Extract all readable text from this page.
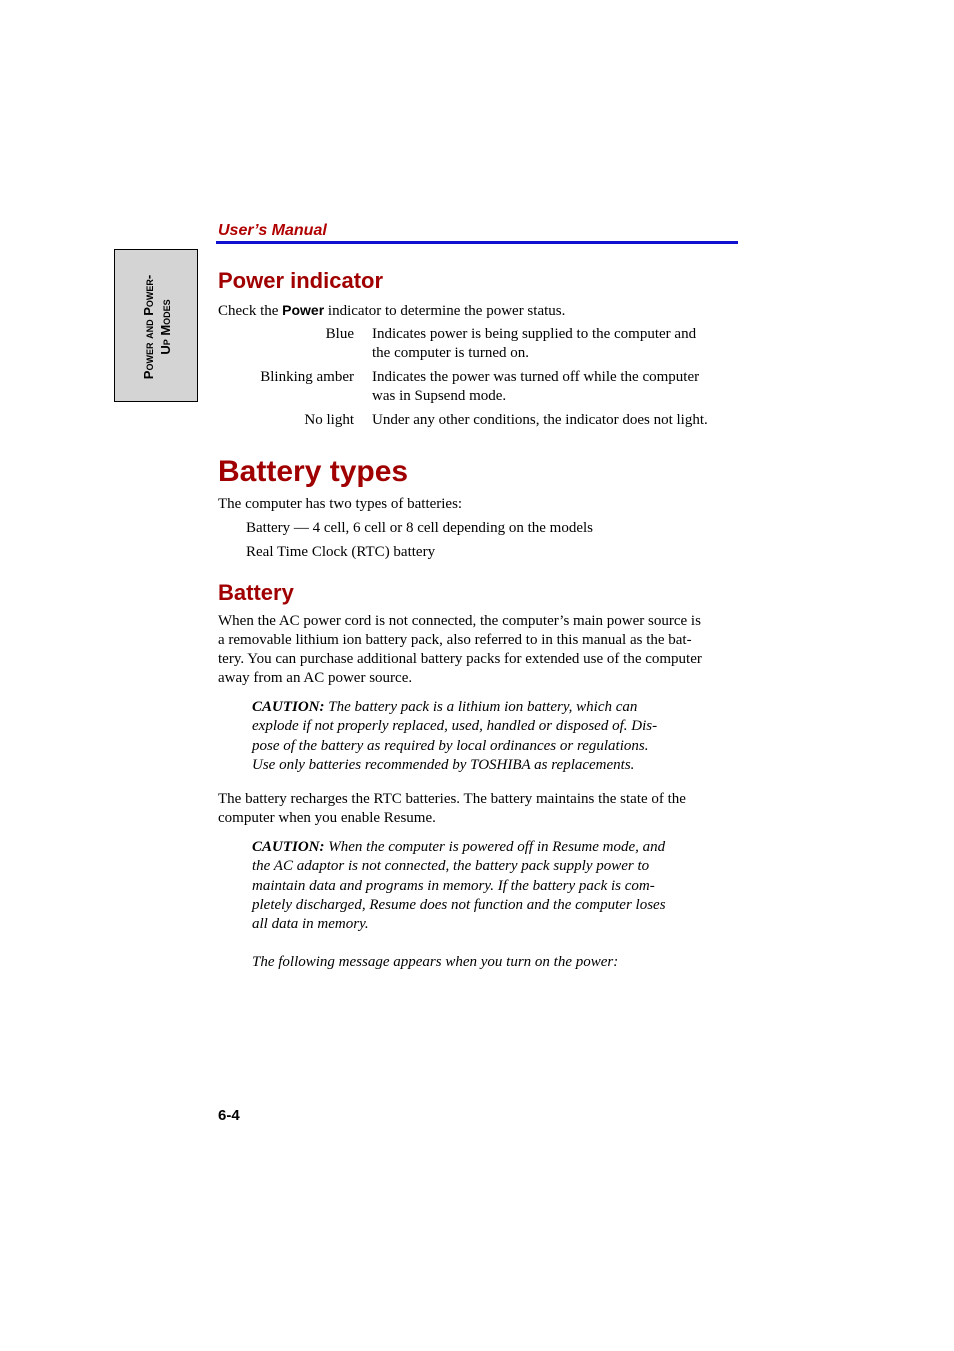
User’s Manual
Power and Power- Up Modes
Power indicator
Check the Power indicator to determine the power status.
Blue Indicates power is being supplied to the computer and
the computer is turned on.
Blinking amber Indicates the power was turned off while the computer
was in Supsend mode.
No light Under any other conditions, the indicator does not light.
Battery types
The computer has two types of batteries:
Battery — 4 cell, 6 cell or 8 cell depending on the models
Real Time Clock (RTC) battery
Battery
When the AC power cord is not connected, the computer’s main power source is
a removable lithium ion battery pack, also referred to in this manual as the bat-
tery. You can purchase additional battery packs for extended use of the computer
away from an AC power source.
CAUTION: The battery pack is a lithium ion battery, which can
explode if not properly replaced, used, handled or disposed of. Dis-
pose of the battery as required by local ordinances or regulations.
Use only batteries recommended by TOSHIBA as replacements.
The battery recharges the RTC batteries. The battery maintains the state of the
computer when you enable Resume.
CAUTION: When the computer is powered off in Resume mode, and
the AC adaptor is not connected, the battery pack supply power to
maintain data and programs in memory. If the battery pack is com-
pletely discharged, Resume does not function and the computer loses
all data in memory.
The following message appears when you turn on the power:
6-4
